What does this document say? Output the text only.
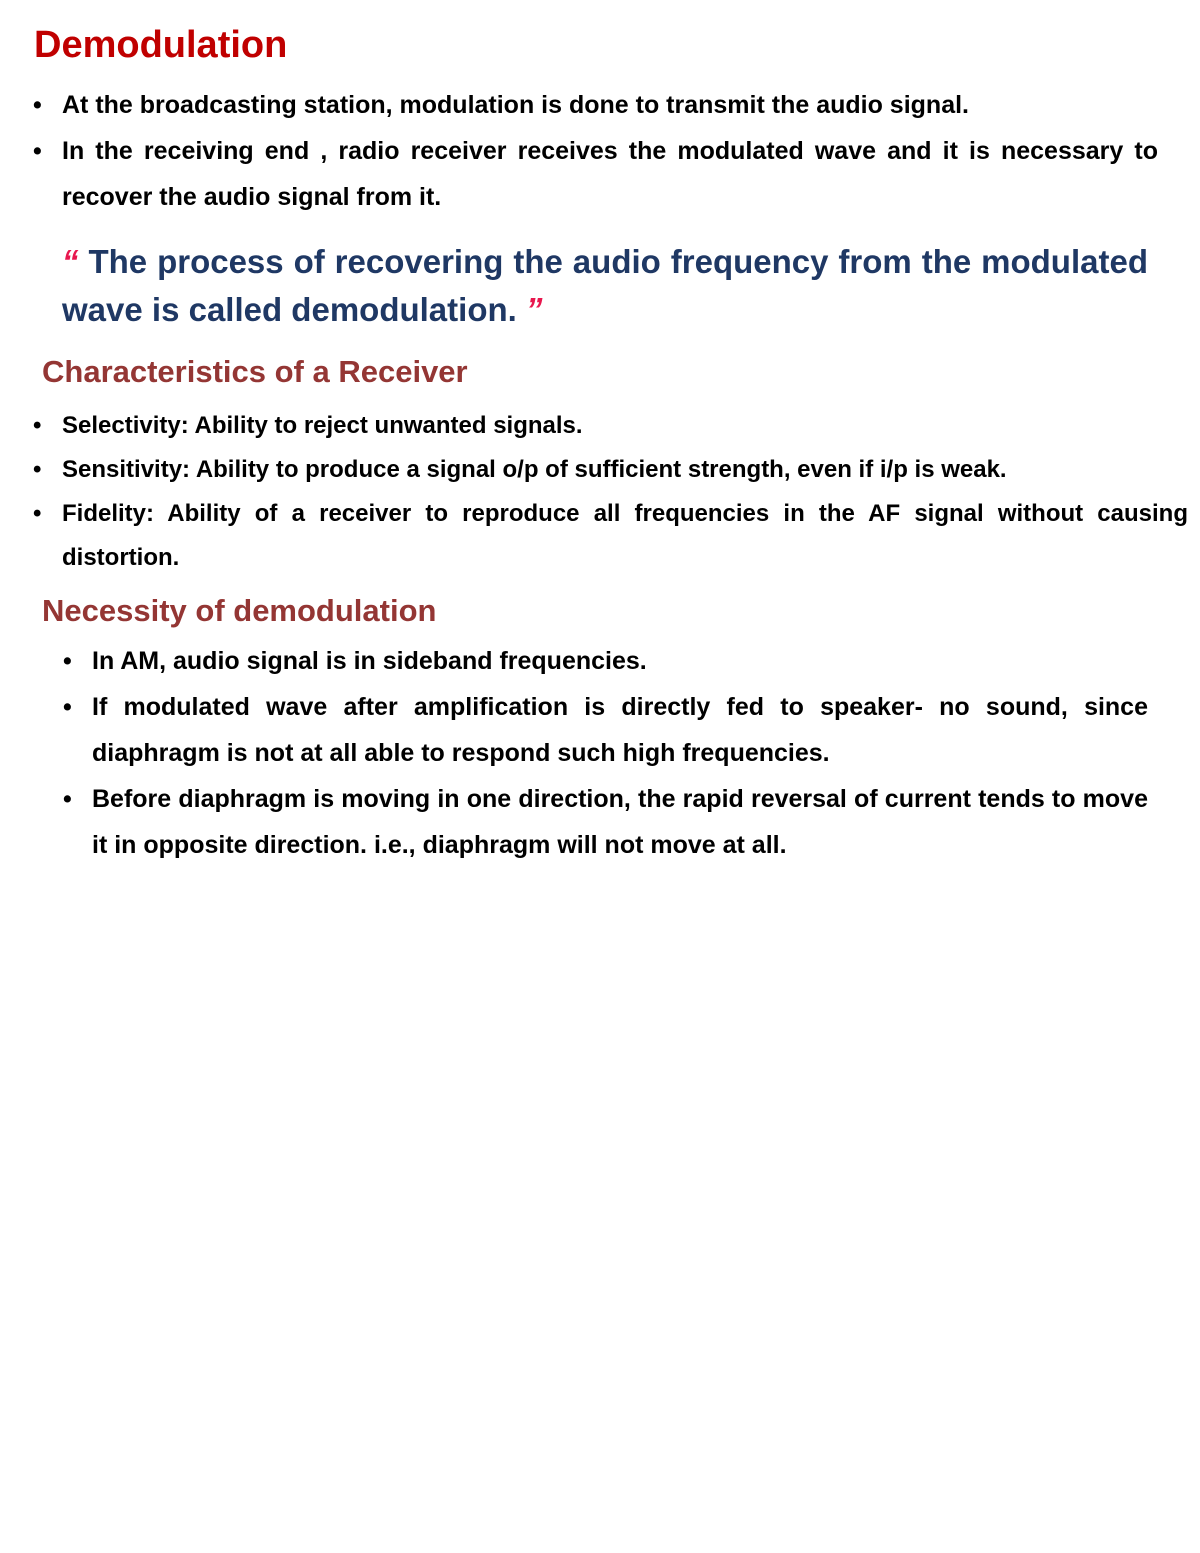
Demodulation
• At the broadcasting station, modulation is done to transmit the audio signal.
• In the receiving end , radio receiver receives the modulated wave and it is necessary to recover the audio signal from it.

“ The process of recovering the audio frequency from the modulated wave is called demodulation. ”

Characteristics of a Receiver
• Selectivity: Ability to reject unwanted signals.
• Sensitivity: Ability to produce a signal o/p of sufficient strength, even if i/p is weak.
• Fidelity: Ability of a receiver to reproduce all frequencies in the AF signal without causing distortion.
Necessity of demodulation
• In AM, audio signal is in sideband frequencies.
• If modulated wave after amplification is directly fed to speaker- no sound, since diaphragm is not at all able to respond such high frequencies.
• Before diaphragm is moving in one direction, the rapid reversal of current tends to move it in opposite direction. i.e., diaphragm will not move at all.
